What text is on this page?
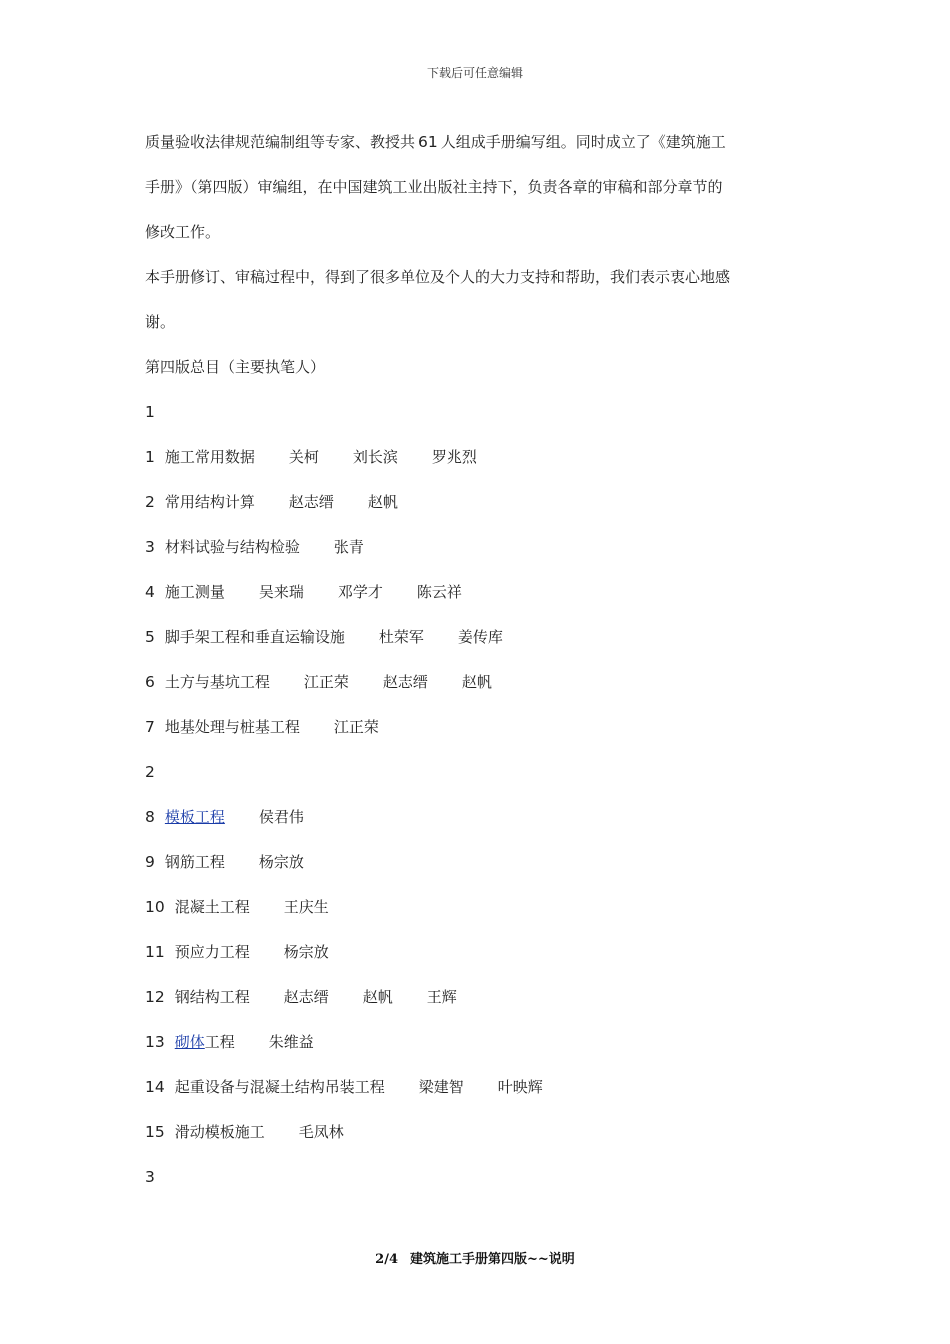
下载后可任意编辑
质量验收法律规范编制组等专家、教授共 61 人组成手册编写组。同时成立了《建筑施工
手册》（第四版）审编组，在中国建筑工业出版社主持下，负责各章的审稿和部分章节的
修改工作。
本手册修订、审稿过程中，得到了很多单位及个人的大力支持和帮助，我们表示衷心地感
谢。
第四版总目（主要执笔人）
1
1 施工常用数据 关柯 刘长滨 罗兆烈
2 常用结构计算 赵志缙 赵帆
3 材料试验与结构检验 张青
4 施工测量 吴来瑞 邓学才 陈云祥
5 脚手架工程和垂直运输设施 杜荣军 姜传库
6 土方与基坑工程 江正荣 赵志缙 赵帆
7 地基处理与桩基工程 江正荣
2
8 模板工程 侯君伟
9 钢筋工程 杨宗放
10 混凝土工程 王庆生
11 预应力工程 杨宗放
12 钢结构工程 赵志缙 赵帆 王辉
13 砌体工程 朱维益
14 起重设备与混凝土结构吊装工程 梁建智 叶映辉
15 滑动模板施工 毛凤林
3
2/4 建筑施工手册第四版~~说明
